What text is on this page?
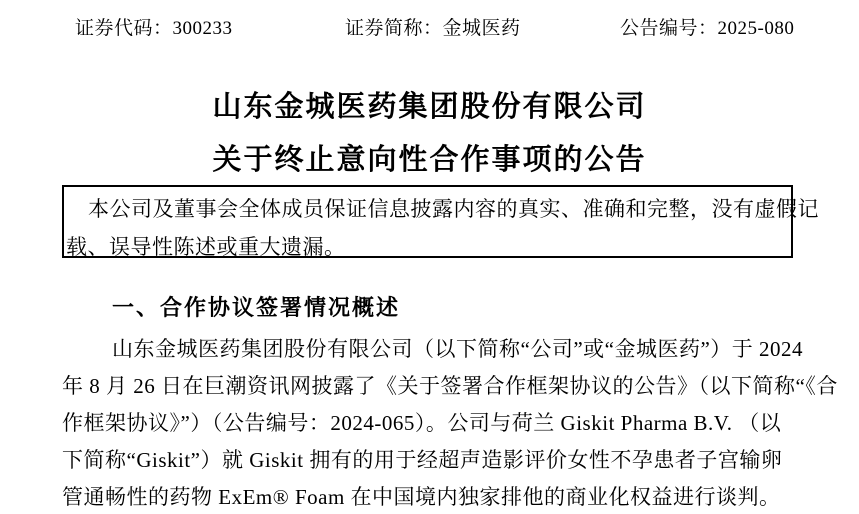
证券代码：300233	证券简称：金城医药	公告编号：2025-080
山东金城医药集团股份有限公司
关于终止意向性合作事项的公告
本公司及董事会全体成员保证信息披露内容的真实、准确和完整，没有虚假记
载、误导性陈述或重大遗漏。
一、合作协议签署情况概述
山东金城医药集团股份有限公司（以下简称“公司”或“金城医药”）于 2024
年 8 月 26 日在巨潮资讯网披露了《关于签署合作框架协议的公告》（以下简称“《合
作框架协议》”）（公告编号：2024-065）。公司与荷兰 Giskit Pharma B.V. （以
下简称“Giskit”）就 Giskit 拥有的用于经超声造影评价女性不孕患者子宫输卵
管通畅性的药物 ExEm® Foam 在中国境内独家排他的商业化权益进行谈判。
